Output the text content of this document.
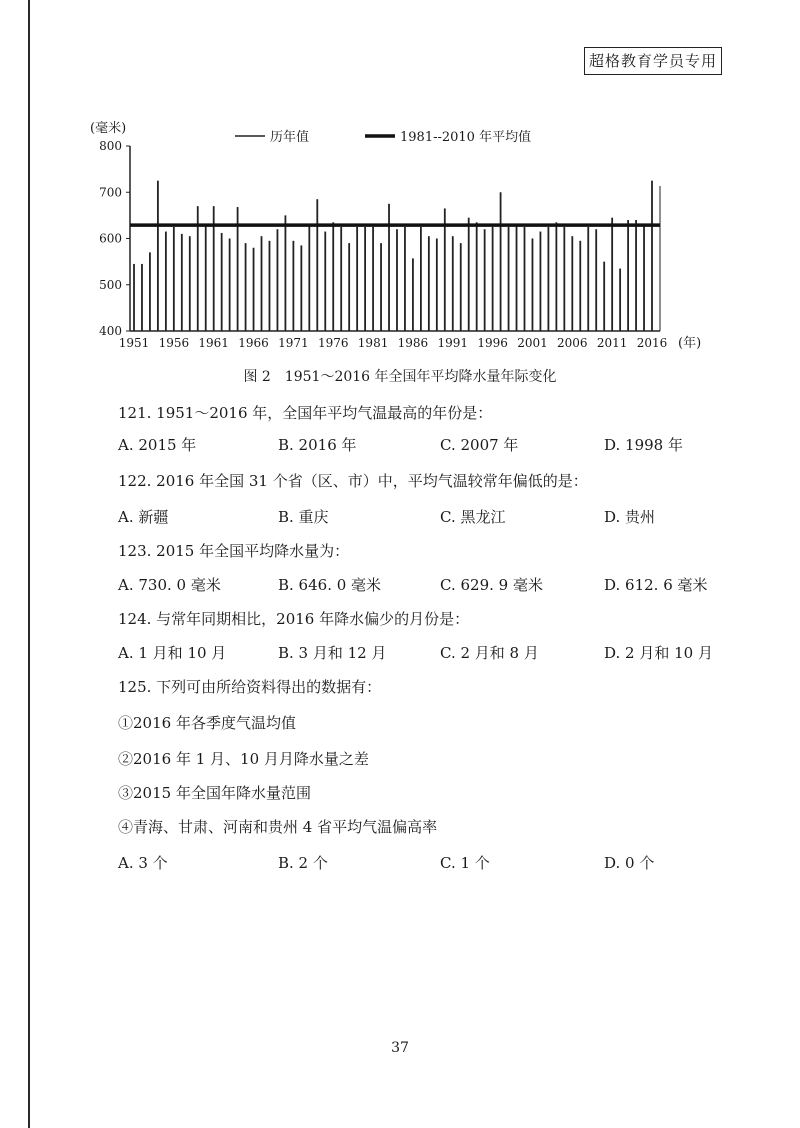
超格教育学员专用
800
700
600
500
400
(毫米)
1951 1956 1961 1966 1971 1976 1981 1986 1991 1996 2001 2006 2011 2016 (年)
历年值	1981--2010 年平均值
图 2　1951～2016 年全国年平均降水量年际变化
121. 1951～2016 年，全国年平均气温最高的年份是：
A. 2015 年	B. 2016 年	C. 2007 年	D. 1998 年
122. 2016 年全国 31 个省（区、市）中，平均气温较常年偏低的是：
A. 新疆	B. 重庆	C. 黑龙江	D. 贵州
123. 2015 年全国平均降水量为：
A. 730. 0 毫米	B. 646. 0 毫米	C. 629. 9 毫米	D. 612. 6 毫米
124. 与常年同期相比，2016 年降水偏少的月份是：
A. 1 月和 10 月	B. 3 月和 12 月	C. 2 月和 8 月	D. 2 月和 10 月
125. 下列可由所给资料得出的数据有：
①2016 年各季度气温均值
②2016 年 1 月、10 月月降水量之差
③2015 年全国年降水量范围
④青海、甘肃、河南和贵州 4 省平均气温偏高率
A. 3 个	B. 2 个	C. 1 个	D. 0 个
37
